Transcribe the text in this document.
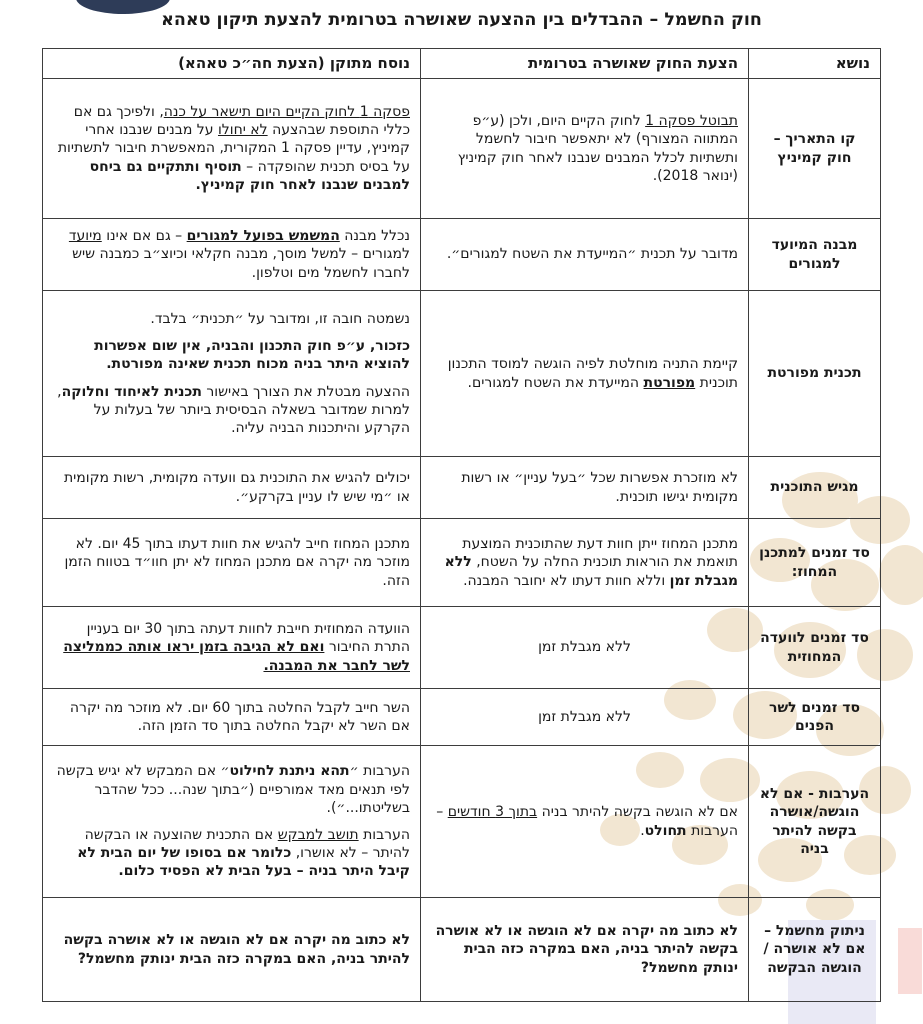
חוק החשמל – ההבדלים בין ההצעה שאושרה בטרומית להצעת תיקון טאהא
נושא	הצעת החוק שאושרה בטרומית	נוסח מתוקן (הצעת חה״כ טאהא)
קו התאריך – חוק קמיניץ	תבוטל פסקה 1 לחוק הקיים היום, ולכן (ע״פ המתווה המצורף) לא יתאפשר חיבור לחשמל ותשתיות לכלל המבנים שנבנו לאחר חוק קמיניץ (ינואר 2018).	פסקה 1 לחוק הקיים היום תישאר על כנה, ולפיכך גם אם כללי התוספת שבהצעה לא יחולו על מבנים שנבנו אחרי קמיניץ, עדיין פסקה 1 המקורית, המאפשרת חיבור לתשתיות על בסיס תכנית שהופקדה – תוסיף ותתקיים גם ביחס למבנים שנבנו לאחר חוק קמיניץ.

מבנה המיועד למגורים	מדובר על תכנית ״המייעדת את השטח למגורים״.	נכלל מבנה המשמש בפועל למגורים – גם אם אינו מיועד למגורים – למשל מוסך, מבנה חקלאי וכיוצ״ב כמבנה שיש לחברו לחשמל מים וטלפון.

תכנית מפורטת	קיימת התניה מוחלטת לפיה הוגשה למוסד התכנון תוכנית מפורטת המייעדת את השטח למגורים.	נשמטה חובה זו, ומדובר על ״תכנית״ בלבד.

כזכור, ע״פ חוק התכנון והבניה, אין שום אפשרות להוציא היתר בניה מכוח תכנית שאינה מפורטת.

ההצעה מבטלת את הצורך באישור תכנית לאיחוד וחלוקה, למרות שמדובר בשאלה הבסיסית ביותר של בעלות על הקרקע והיתכנות הבניה עליה.

מגיש התוכנית	לא מוזכרת אפשרות שכל ״בעל עניין״ או רשות מקומית יגישו תוכנית.	יכולים להגיש את התוכנית גם וועדה מקומית, רשות מקומית או ״מי שיש לו עניין בקרקע״.

סד זמנים למתכנן המחוז:	מתכנן המחוז ייתן חוות דעת שהתוכנית המוצעת תואמת את הוראות תוכנית החלה על השטח, ללא מגבלת זמן וללא חוות דעתו לא יחובר המבנה.	מתכנן המחוז חייב להגיש את חוות דעתו בתוך 45 יום. לא מוזכר מה יקרה אם מתכנן המחוז לא יתן חוו״ד בטווח הזמן הזה.

סד זמנים לוועדה המחוזית	ללא מגבלת זמן	הוועדה המחוזית חייבת לחוות דעתה בתוך 30 יום בעניין התרת החיבור ואם לא הגיבה בזמן יראו אותה כממליצה לשר לחבר את המבנה.

סד זמנים לשר הפנים	ללא מגבלת זמן	השר חייב לקבל החלטה בתוך 60 יום. לא מוזכר מה יקרה אם השר לא יקבל החלטה בתוך סד הזמן הזה.

הערבות - אם לא הוגשה/אושרה בקשה להיתר בניה	אם לא הוגשה בקשה להיתר בניה בתוך 3 חודשים – הערבות תחולט.	הערבות ״תהא ניתנת לחילוט״ אם המבקש לא יגיש בקשה לפי תנאים מאד אמורפיים (״בתוך שנה... ככל שהדבר בשליטתו...״).

הערבות תושב למבקש אם התכנית שהוצעה או הבקשה להיתר – לא אושרו, כלומר אם בסופו של יום הבית לא קיבל היתר בניה – בעל הבית לא הפסיד כלום.

ניתוק מחשמל – אם לא אושרה / הוגשה הבקשה	לא כתוב מה יקרה אם לא הוגשה או לא אושרה בקשה להיתר בניה, האם במקרה כזה הבית ינותק מחשמל?	לא כתוב מה יקרה אם לא הוגשה או לא אושרה בקשה להיתר בניה, האם במקרה כזה הבית ינותק מחשמל?
